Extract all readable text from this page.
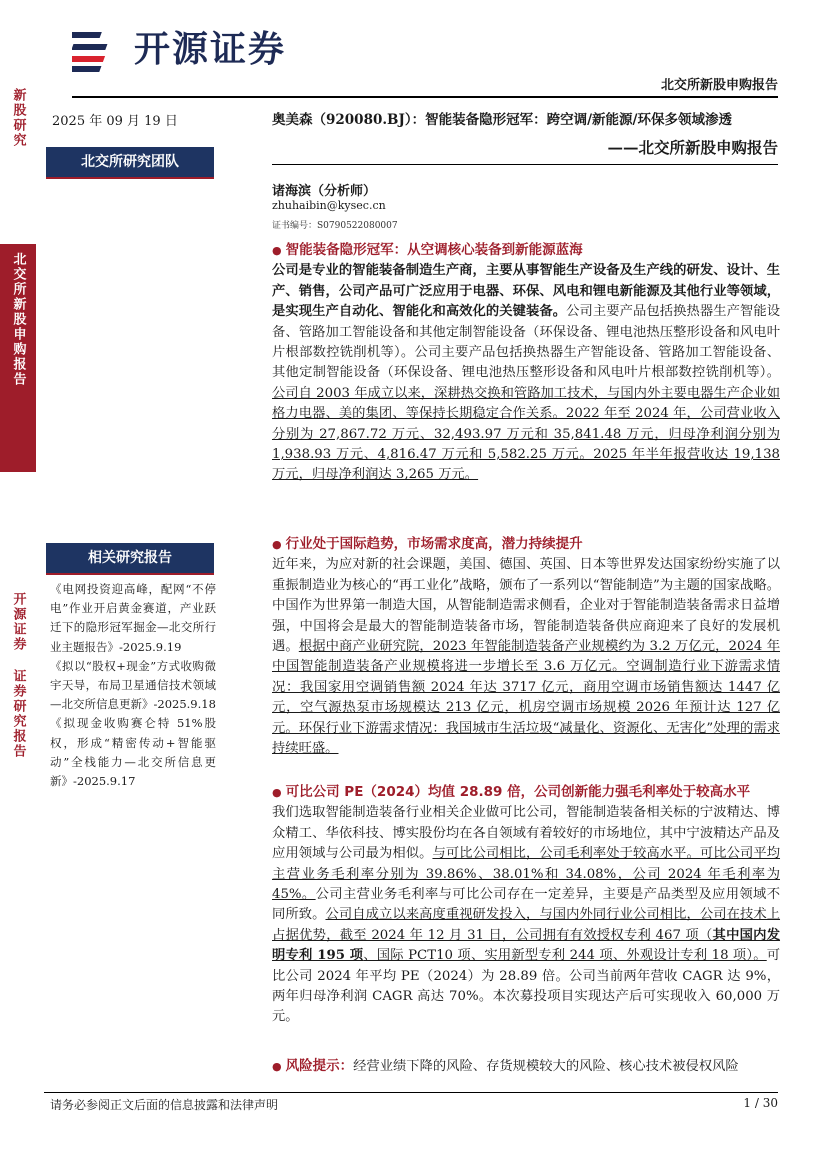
开源证券
北交所新股申购报告
新股研究
北交所新股申购报告
开源证券 证券研究报告
2025 年 09 月 19 日
北交所研究团队
相关研究报告

《电网投资迎高峰，配网“不停电”作业开启黄金赛道，产业跃迁下的隐形冠军掘金—北交所行业主题报告》-2025.9.19

《拟以“股权+现金”方式收购微宇天导，布局卫星通信技术领域—北交所信息更新》-2025.9.18

《拟现金收购赛仑特 51%股权，形成“精密传动+智能驱动”全栈能力—北交所信息更新》-2025.9.17

诸海滨（分析师）
zhuhaibin@kysec.cn
证书编号：S0790522080007
奥美森（920080.BJ）：智能装备隐形冠军：跨空调/新能源/环保多领域渗透
——北交所新股申购报告
● 智能装备隐形冠军：从空调核心装备到新能源蓝海

公司是专业的智能装备制造生产商，主要从事智能生产设备及生产线的研发、设计、生产、销售，公司产品可广泛应用于电器、环保、风电和锂电新能源及其他行业等领域，是实现生产自动化、智能化和高效化的关键装备。公司主要产品包括换热器生产智能设备、管路加工智能设备和其他定制智能设备（环保设备、锂电池热压整形设备和风电叶片根部数控铣削机等）。公司主要产品包括换热器生产智能设备、管路加工智能设备、其他定制智能设备（环保设备、锂电池热压整形设备和风电叶片根部数控铣削机等）。公司自 2003 年成立以来，深耕热交换和管路加工技术，与国内外主要电器生产企业如格力电器、美的集团、等保持长期稳定合作关系。2022 年至 2024 年，公司营业收入分别为 27,867.72 万元、32,493.97 万元和 35,841.48 万元，归母净利润分别为 1,938.93 万元、4,816.47 万元和 5,582.25 万元。2025 年半年报营收达 19,138 万元，归母净利润达 3,265 万元。

● 行业处于国际趋势，市场需求度高，潜力持续提升

近年来，为应对新的社会课题，美国、德国、英国、日本等世界发达国家纷纷实施了以重振制造业为核心的“再工业化”战略，颁布了一系列以“智能制造”为主题的国家战略。中国作为世界第一制造大国，从智能制造需求侧看，企业对于智能制造装备需求日益增强，中国将会是最大的智能制造装备市场，智能制造装备供应商迎来了良好的发展机遇。根据中商产业研究院，2023 年智能制造装备产业规模约为 3.2 万亿元，2024 年中国智能制造装备产业规模将进一步增长至 3.6 万亿元。空调制造行业下游需求情况：我国家用空调销售额 2024 年达 3717 亿元，商用空调市场销售额达 1447 亿元，空气源热泵市场规模达 213 亿元，机房空调市场规模 2026 年预计达 127 亿元。环保行业下游需求情况：我国城市生活垃圾“减量化、资源化、无害化”处理的需求持续旺盛。

● 可比公司 PE（2024）均值 28.89 倍，公司创新能力强毛利率处于较高水平

我们选取智能制造装备行业相关企业做可比公司，智能制造装备相关标的宁波精达、博众精工、华依科技、博实股份均在各自领域有着较好的市场地位，其中宁波精达产品及应用领域与公司最为相似。与可比公司相比，公司毛利率处于较高水平。可比公司平均主营业务毛利率分别为 39.86%、38.01%和 34.08%，公司 2024 年毛利率为 45%。公司主营业务毛利率与可比公司存在一定差异，主要是产品类型及应用领域不同所致。公司自成立以来高度重视研发投入，与国内外同行业公司相比，公司在技术上占据优势，截至 2024 年 12 月 31 日，公司拥有有效授权专利 467 项（其中国内发明专利 195 项、国际 PCT10 项、实用新型专利 244 项、外观设计专利 18 项）。可比公司 2024 年平均 PE（2024）为 28.89 倍。公司当前两年营收 CAGR 达 9%，两年归母净利润 CAGR 高达 70%。本次募投项目实现达产后可实现收入 60,000 万元。

● 风险提示：经营业绩下降的风险、存货规模较大的风险、核心技术被侵权风险

请务必参阅正文后面的信息披露和法律声明	1 / 30
